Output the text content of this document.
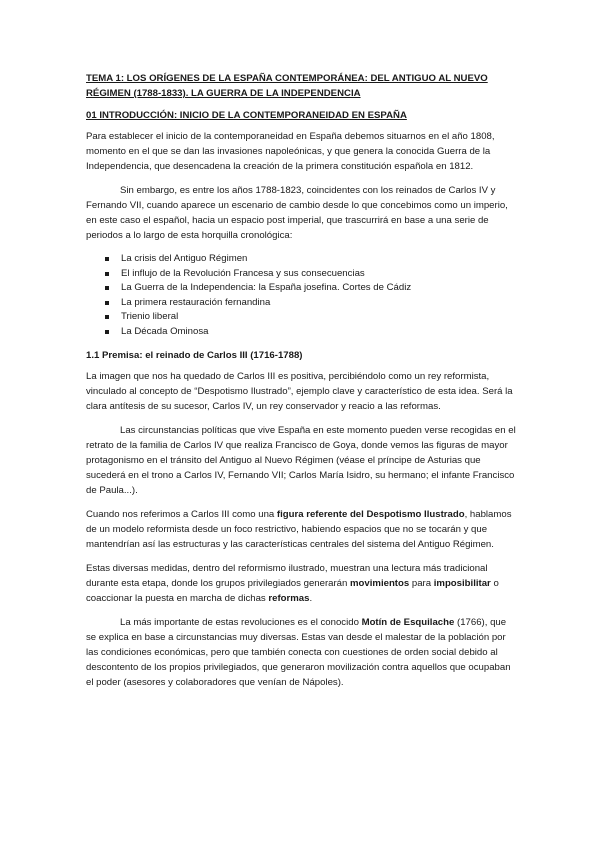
TEMA 1: LOS ORÍGENES DE LA ESPAÑA CONTEMPORÁNEA: DEL ANTIGUO AL NUEVO RÉGIMEN (1788-1833). LA GUERRA DE LA INDEPENDENCIA
01 INTRODUCCIÓN: INICIO DE LA CONTEMPORANEIDAD EN ESPAÑA

Para establecer el inicio de la contemporaneidad en España debemos situarnos en el año 1808, momento en el que se dan las invasiones napoleónicas, y que genera la conocida Guerra de la Independencia, que desencadena la creación de la primera constitución española en 1812.

Sin embargo, es entre los años 1788-1823, coincidentes con los reinados de Carlos IV y Fernando VII, cuando aparece un escenario de cambio desde lo que concebimos como un imperio, en este caso el español, hacia un espacio post imperial, que trascurrirá en base a una serie de periodos a lo largo de esta horquilla cronológica:

La crisis del Antiguo Régimen
El influjo de la Revolución Francesa y sus consecuencias
La Guerra de la Independencia: la España josefina. Cortes de Cádiz
La primera restauración fernandina
Trienio liberal
La Década Ominosa
1.1 Premisa: el reinado de Carlos III (1716-1788)

La imagen que nos ha quedado de Carlos III es positiva, percibiéndolo como un rey reformista, vinculado al concepto de “Despotismo Ilustrado”, ejemplo clave y característico de esta idea. Será la clara antítesis de su sucesor, Carlos IV, un rey conservador y reacio a las reformas.

Las circunstancias políticas que vive España en este momento pueden verse recogidas en el retrato de la familia de Carlos IV que realiza Francisco de Goya, donde vemos las figuras de mayor protagonismo en el tránsito del Antiguo al Nuevo Régimen (véase el príncipe de Asturias que sucederá en el trono a Carlos IV, Fernando VII; Carlos María Isidro, su hermano; el infante Francisco de Paula...).

Cuando nos referimos a Carlos III como una figura referente del Despotismo Ilustrado, hablamos de un modelo reformista desde un foco restrictivo, habiendo espacios que no se tocarán y que mantendrían así las estructuras y las características centrales del sistema del Antiguo Régimen.

Estas diversas medidas, dentro del reformismo ilustrado, muestran una lectura más tradicional durante esta etapa, donde los grupos privilegiados generarán movimientos para imposibilitar o coaccionar la puesta en marcha de dichas reformas.

La más importante de estas revoluciones es el conocido Motín de Esquilache (1766), que se explica en base a circunstancias muy diversas. Estas van desde el malestar de la población por las condiciones económicas, pero que también conecta con cuestiones de orden social debido al descontento de los propios privilegiados, que generaron movilización contra aquellos que ocupaban el poder (asesores y colaboradores que venían de Nápoles).
